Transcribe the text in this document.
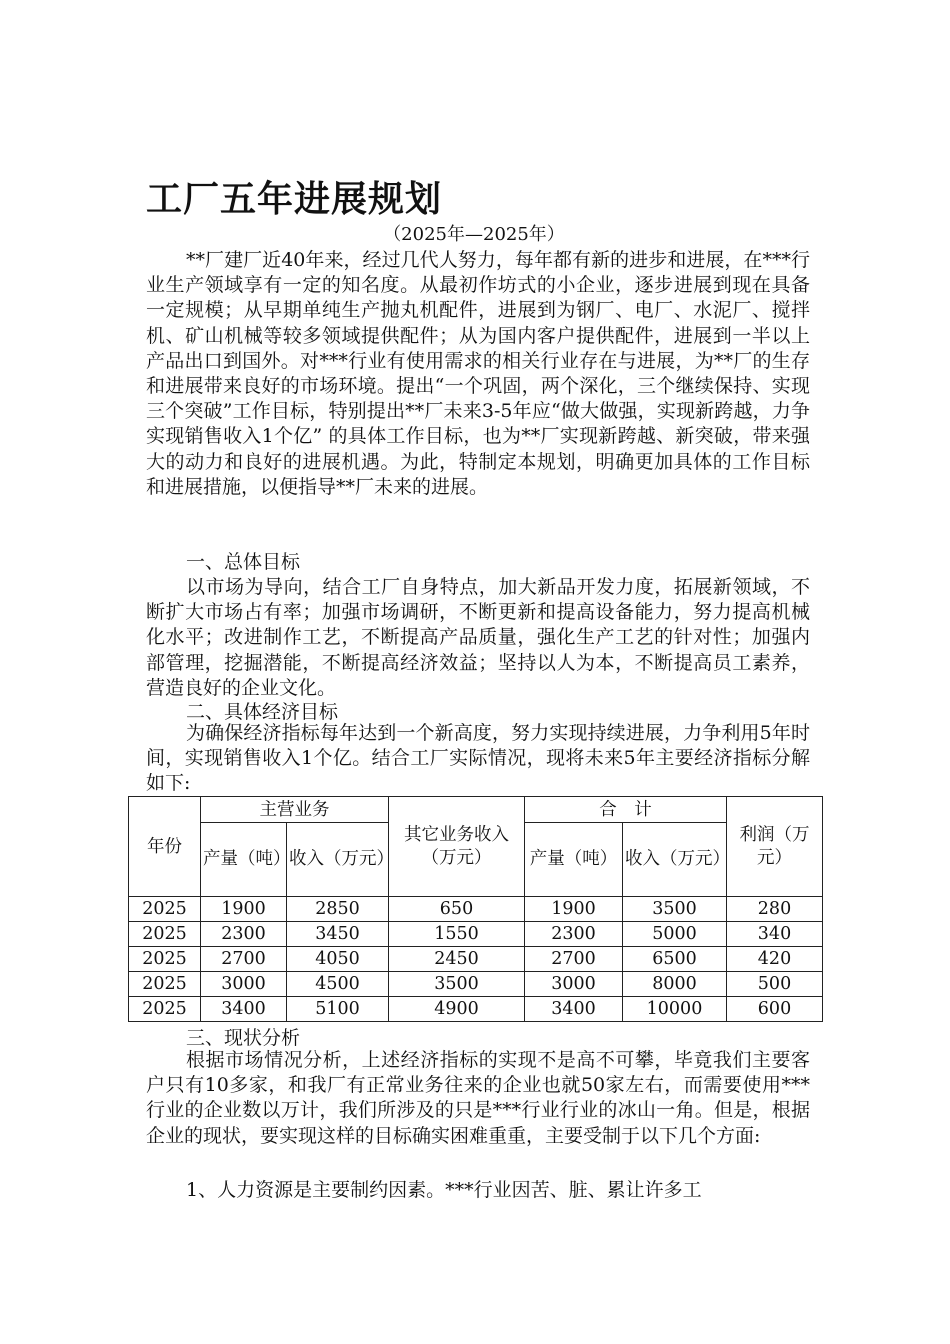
工厂五年进展规划

（2025年—2025年）

**厂建厂近40年来，经过几代人努力，每年都有新的进步和进展，在***行业生产领域享有一定的知名度。从最初作坊式的小企业，逐步进展到现在具备一定规模；从早期单纯生产抛丸机配件，进展到为钢厂、电厂、水泥厂、搅拌机、矿山机械等较多领域提供配件；从为国内客户提供配件，进展到一半以上产品出口到国外。对***行业有使用需求的相关行业存在与进展，为**厂的生存和进展带来良好的市场环境。提出“一个巩固，两个深化，三个继续保持、实现三个突破”工作目标，特别提出**厂未来3-5年应“做大做强，实现新跨越，力争实现销售收入1个亿” 的具体工作目标，也为**厂实现新跨越、新突破，带来强大的动力和良好的进展机遇。为此，特制定本规划，明确更加具体的工作目标和进展措施，以便指导**厂未来的进展。

一、总体目标

以市场为导向，结合工厂自身特点，加大新品开发力度，拓展新领域，不断扩大市场占有率；加强市场调研，不断更新和提高设备能力，努力提高机械化水平；改进制作工艺，不断提高产品质量，强化生产工艺的针对性；加强内部管理，挖掘潜能，不断提高经济效益；坚持以人为本，不断提高员工素养，营造良好的企业文化。

二、具体经济目标

为确保经济指标每年达到一个新高度，努力实现持续进展，力争利用5年时间，实现销售收入1个亿。结合工厂实际情况，现将未来5年主要经济指标分解如下:

年份	主营业务		其它业务收入（万元）	合　计		利润（万元）
	产量（吨）	收入（万元）		产量（吨）	收入（万元）	
2025	1900	2850	650	1900	3500	280
2025	2300	3450	1550	2300	5000	340
2025	2700	4050	2450	2700	6500	420
2025	3000	4500	3500	3000	8000	500
2025	3400	5100	4900	3400	10000	600

三、现状分析

根据市场情况分析，上述经济指标的实现不是高不可攀，毕竟我们主要客户只有10多家，和我厂有正常业务往来的企业也就50家左右，而需要使用***行业的企业数以万计，我们所涉及的只是***行业行业的冰山一角。但是，根据企业的现状，要实现这样的目标确实困难重重，主要受制于以下几个方面:

1、人力资源是主要制约因素。***行业因苦、脏、累让许多工
